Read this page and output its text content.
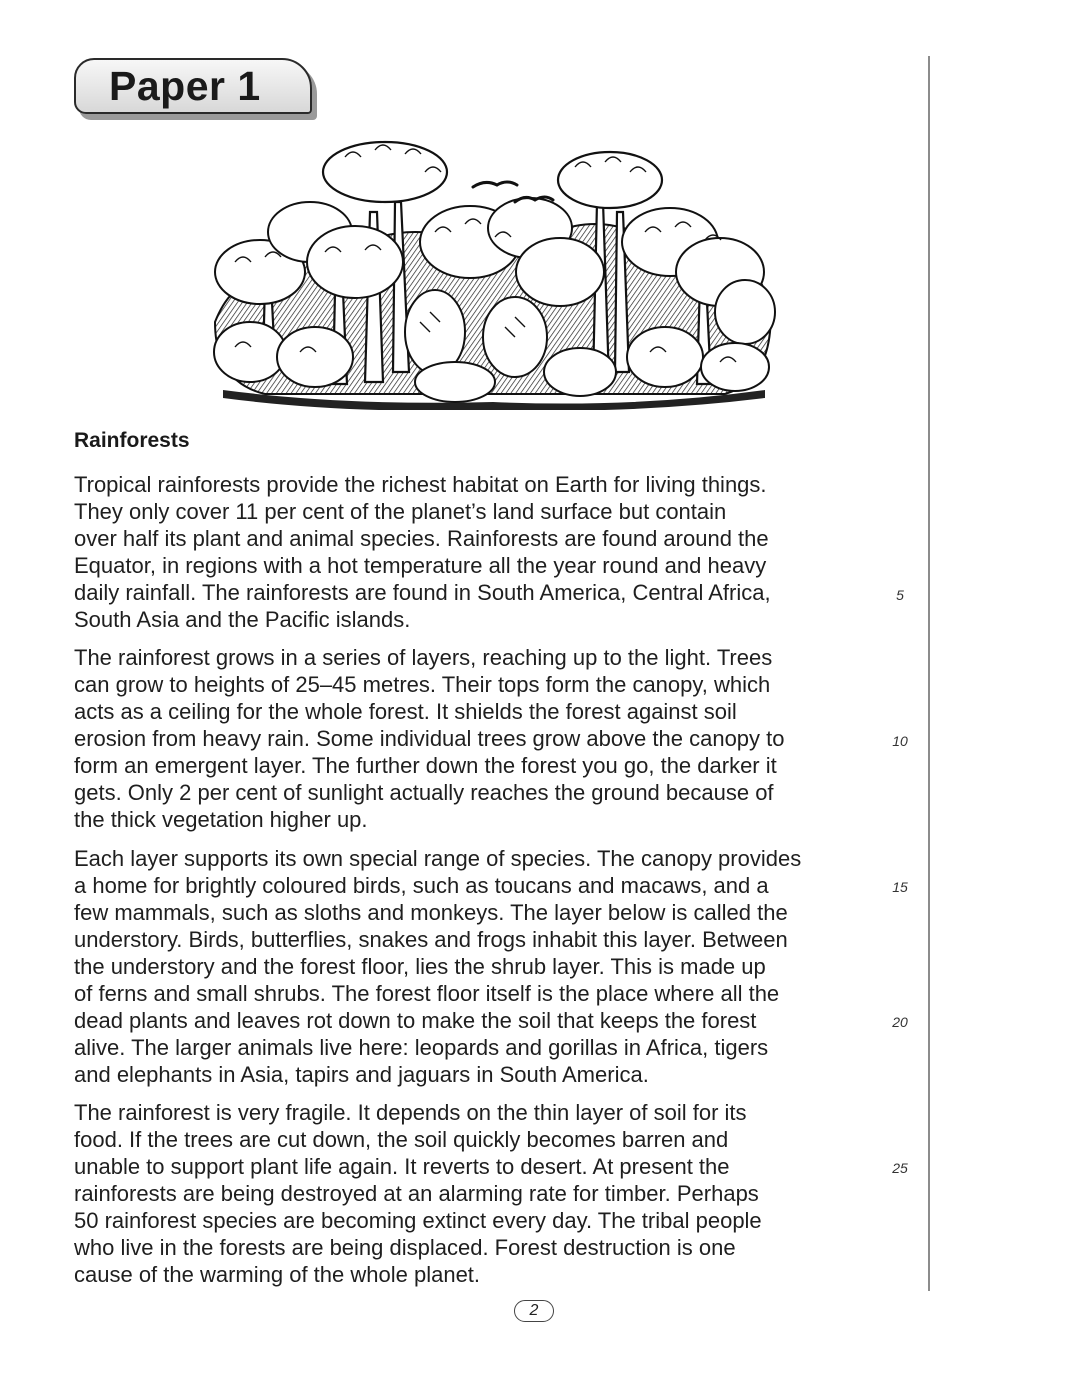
Paper 1
Rainforests

Tropical rainforests provide the richest habitat on Earth for living things.
They only cover 11 per cent of the planet’s land surface but contain
over half its plant and animal species. Rainforests are found around the
Equator, in regions with a hot temperature all the year round and heavy
daily rainfall. The rainforests are found in South America, Central Africa,
South Asia and the Pacific islands.

The rainforest grows in a series of layers, reaching up to the light. Trees
can grow to heights of 25–45 metres. Their tops form the canopy, which
acts as a ceiling for the whole forest. It shields the forest against soil
erosion from heavy rain. Some individual trees grow above the canopy to
form an emergent layer. The further down the forest you go, the darker it
gets. Only 2 per cent of sunlight actually reaches the ground because of
the thick vegetation higher up.

Each layer supports its own special range of species. The canopy provides
a home for brightly coloured birds, such as toucans and macaws, and a
few mammals, such as sloths and monkeys. The layer below is called the
understory. Birds, butterflies, snakes and frogs inhabit this layer. Between
the understory and the forest floor, lies the shrub layer. This is made up
of ferns and small shrubs. The forest floor itself is the place where all the
dead plants and leaves rot down to make the soil that keeps the forest
alive. The larger animals live here: leopards and gorillas in Africa, tigers
and elephants in Asia, tapirs and jaguars in South America.

The rainforest is very fragile. It depends on the thin layer of soil for its
food. If the trees are cut down, the soil quickly becomes barren and
unable to support plant life again. It reverts to desert. At present the
rainforests are being destroyed at an alarming rate for timber. Perhaps
50 rainforest species are becoming extinct every day. The tribal people
who live in the forests are being displaced. Forest destruction is one
cause of the warming of the whole planet.

5
10
15
20
25
2
